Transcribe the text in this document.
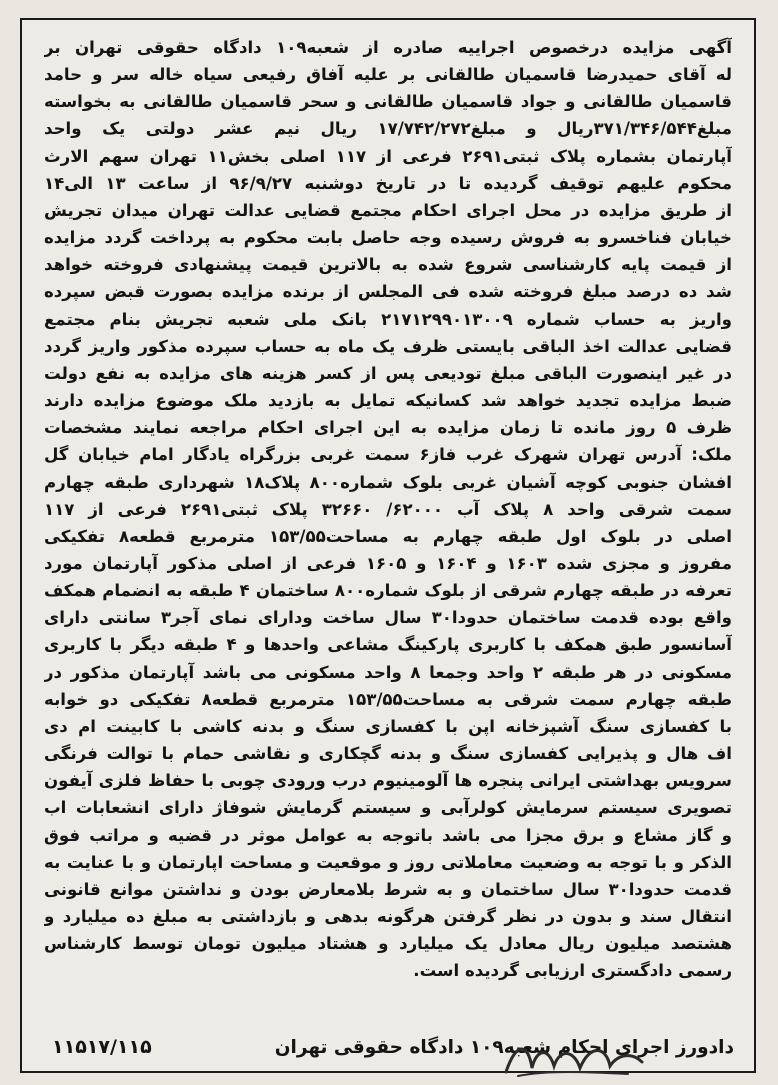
آگهی مزایده درخصوص اجراییه صادره از شعبه۱۰۹ دادگاه حقوقی تهران بر
له آقای حمیدرضا قاسمیان طالقانی بر علیه آفاق رفیعی سیاه خاله سر و حامد
قاسمیان طالقانی و جواد قاسمیان طالقانی و سحر قاسمیان طالقانی به بخواسته
مبلغ۳۷۱/۳۴۶/۵۴۴ریال و مبلغ۱۷/۷۴۲/۲۷۲ ریال نیم عشر دولتی یک واحد
آپارتمان بشماره پلاک ثبتی۲۶۹۱ فرعی از ۱۱۷ اصلی بخش۱۱ تهران سهم الارث
محکوم علیهم توقیف گردیده تا در تاریخ دوشنبه ۹۶/۹/۲۷ از ساعت ۱۳ الی۱۴
از طریق مزایده در محل اجرای احکام مجتمع قضایی عدالت تهران میدان تجریش
خیابان فناخسرو به فروش رسیده وجه حاصل بابت محکوم به پرداخت گردد مزایده
از قیمت پایه کارشناسی شروع شده به بالاترین قیمت پیشنهادی فروخته خواهد
شد ده درصد مبلغ فروخته شده فی المجلس از برنده مزایده بصورت قبض سپرده
واریز به حساب شماره ۲۱۷۱۲۹۹۰۱۳۰۰۹ بانک ملی شعبه تجریش بنام مجتمع
قضایی عدالت اخذ الباقی بایستی ظرف یک ماه به حساب سپرده مذکور واریز گردد
در غیر اینصورت الباقی مبلغ تودیعی پس از کسر هزینه های مزایده به نفع دولت
ضبط مزایده تجدید خواهد شد کسانیکه تمایل به بازدید ملک موضوع مزایده دارند
ظرف ۵ روز مانده تا زمان مزایده به این اجرای احکام مراجعه نمایند مشخصات
ملک: آدرس تهران شهرک غرب فاز۶ سمت غربی بزرگراه یادگار امام خیابان گل
افشان جنوبی کوچه آشیان غربی بلوک شماره۸۰۰ پلاک۱۸ شهرداری طبقه چهارم
سمت شرقی واحد ۸ پلاک آب ۶۲۰۰۰/ ۳۲۶۶۰ پلاک ثبتی۲۶۹۱ فرعی از ۱۱۷
اصلی در بلوک اول طبقه چهارم به مساحت۱۵۳/۵۵ مترمربع قطعه۸ تفکیکی
مفروز و مجزی شده ۱۶۰۳ و ۱۶۰۴ و ۱۶۰۵ فرعی از اصلی مذکور آپارتمان مورد
تعرفه در طبقه چهارم شرقی از بلوک شماره۸۰۰ ساختمان ۴ طبقه به انضمام همکف
واقع بوده قدمت ساختمان حدودا۳۰ سال ساخت ودارای نمای آجر۳ سانتی دارای
آسانسور طبق همکف با کاربری پارکینگ مشاعی واحدها و ۴ طبقه دیگر با کاربری
مسکونی در هر طبقه ۲ واحد وجمعا ۸ واحد مسکونی می باشد آپارتمان مذکور در
طبقه چهارم سمت شرقی به مساحت۱۵۳/۵۵ مترمربع قطعه۸ تفکیکی دو خوابه
با کفسازی سنگ آشپزخانه اپن با کفسازی سنگ و بدنه کاشی با کابینت ام دی
اف هال و پذیرایی کفسازی سنگ و بدنه گچکاری و نقاشی حمام با توالت فرنگی
سرویس بهداشتی ایرانی پنجره ها آلومینیوم درب ورودی چوبی با حفاظ فلزی آیفون
تصویری سیستم سرمایش کولرآبی و سیستم گرمایش شوفاژ دارای انشعابات اب
و گاز مشاع و برق مجزا می باشد باتوجه به عوامل موثر در قضیه و مراتب فوق
الذکر و با توجه به وضعیت معاملاتی روز و موقعیت و مساحت اپارتمان و با عنایت به
قدمت حدودا۳۰ سال ساختمان و به شرط بلامعارض بودن و نداشتن موانع قانونی
انتقال سند و بدون در نظر گرفتن هرگونه بدهی و بازداشتی به مبلغ ده میلیارد و
هشتصد میلیون ریال معادل یک میلیارد و هشتاد میلیون تومان توسط کارشناس
رسمی دادگستری ارزیابی گردیده است.
دادورز اجرای احکام شعبه۱۰۹ دادگاه حقوقی تهران
۱۱۵۱۷/۱۱۵
